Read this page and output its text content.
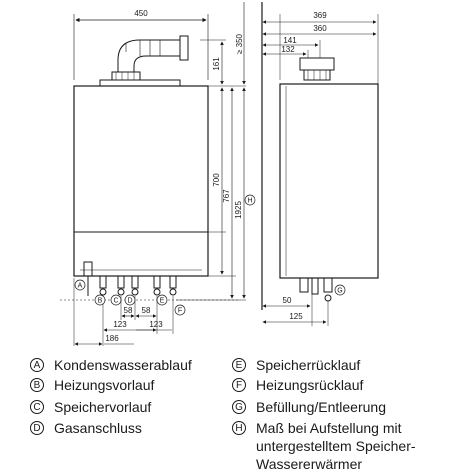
450	369
360
141
132
≥ 350
161
700
767
1925
58 58
123	123
186
50
125
A
B C D	E
F
G
H
A Kondenswasserablauf
B Heizungsvorlauf
C Speichervorlauf
D Gasanschluss
E Speicherrücklauf
F Heizungsrücklauf
G Befüllung/Entleerung
H Maß bei Aufstellung mit
untergestelltem Speicher-
Wassererwärmer
